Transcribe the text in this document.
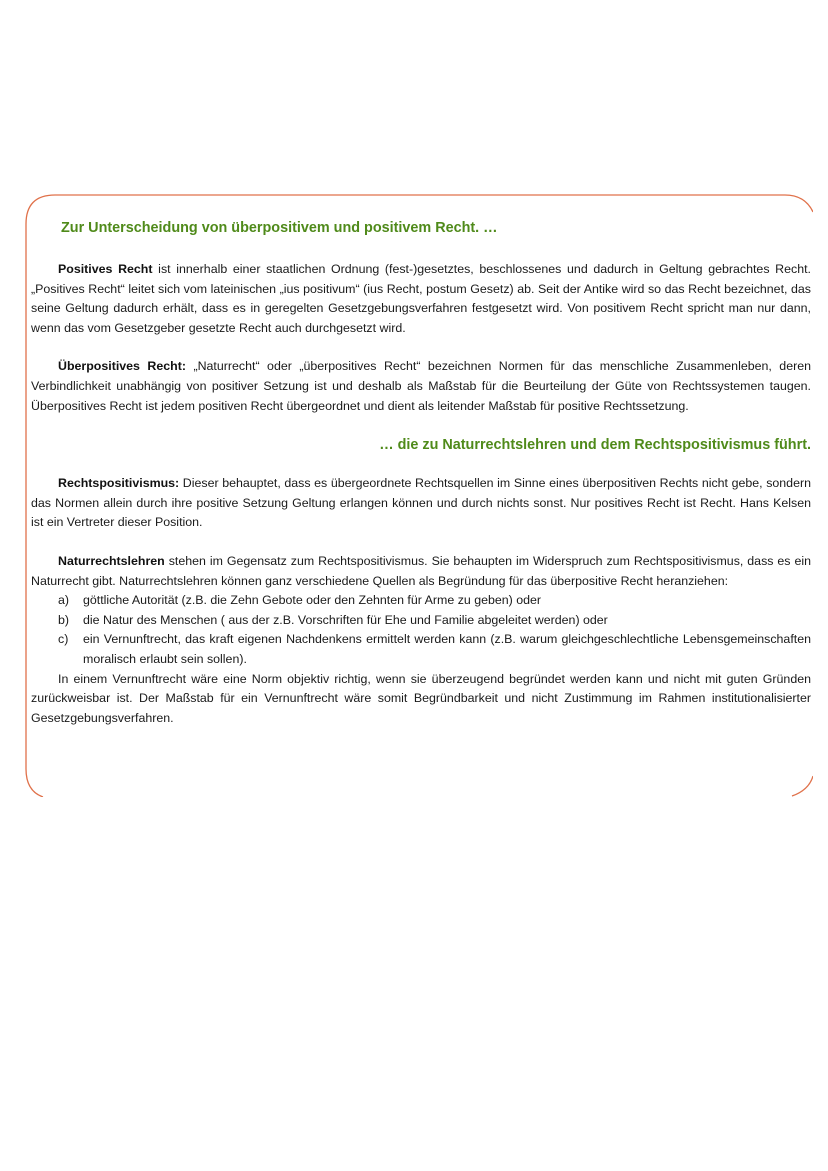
Zur Unterscheidung von überpositivem und positivem Recht. …

Positives Recht ist innerhalb einer staatlichen Ordnung (fest-)gesetztes, beschlossenes und dadurch in Geltung gebrachtes Recht. „Positives Recht“ leitet sich vom lateinischen „ius positivum“ (ius Recht, postum Gesetz) ab. Seit der Antike wird so das Recht bezeichnet, das seine Geltung dadurch erhält, dass es in geregelten Gesetzgebungsverfahren festgesetzt wird. Von positivem Recht spricht man nur dann, wenn das vom Gesetzgeber gesetzte Recht auch durchgesetzt wird.

Überpositives Recht: „Naturrecht“ oder „überpositives Recht“ bezeichnen Normen für das menschliche Zusammenleben, deren Verbindlichkeit unabhängig von positiver Setzung ist und deshalb als Maßstab für die Beurteilung der Güte von Rechtssystemen taugen. Überpositives Recht ist jedem positiven Recht übergeordnet und dient als leitender Maßstab für positive Rechtssetzung.

… die zu Naturrechtslehren und dem Rechtspositivismus führt.

Rechtspositivismus: Dieser behauptet, dass es übergeordnete Rechtsquellen im Sinne eines überpositiven Rechts nicht gebe, sondern das Normen allein durch ihre positive Setzung Geltung erlangen können und durch nichts sonst. Nur positives Recht ist Recht. Hans Kelsen ist ein Vertreter dieser Position.

Naturrechtslehren stehen im Gegensatz zum Rechtspositivismus. Sie behaupten im Widerspruch zum Rechtspositivismus, dass es ein Naturrecht gibt. Naturrechtslehren können ganz verschiedene Quellen als Begründung für das überpositive Recht heranziehen:

a) göttliche Autorität (z.B. die Zehn Gebote oder den Zehnten für Arme zu geben) oder
b) die Natur des Menschen ( aus der z.B. Vorschriften für Ehe und Familie abgeleitet werden) oder
c) ein Vernunftrecht, das kraft eigenen Nachdenkens ermittelt werden kann (z.B. warum gleichgeschlechtliche Lebensgemeinschaften moralisch erlaubt sein sollen).

In einem Vernunftrecht wäre eine Norm objektiv richtig, wenn sie überzeugend begründet werden kann und nicht mit guten Gründen zurückweisbar ist. Der Maßstab für ein Vernunftrecht wäre somit Begründbarkeit und nicht Zustimmung im Rahmen institutionalisierter Gesetzgebungsverfahren.
